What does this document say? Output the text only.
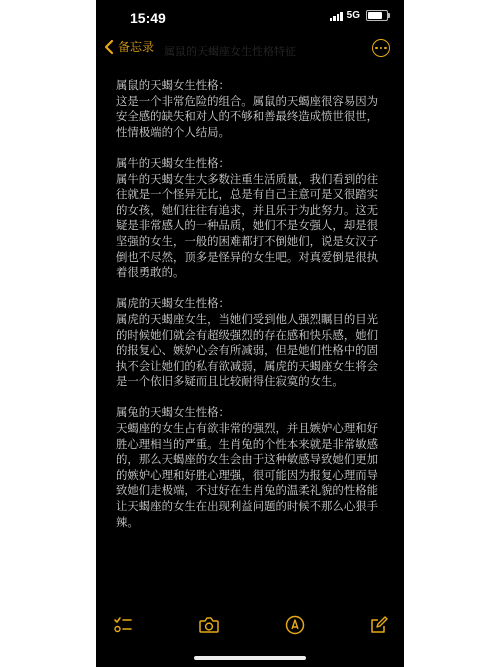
15:49	5G
备忘录 属鼠的天蝎座女生性格特征

属鼠的天蝎女生性格：

这是一个非常危险的组合。属鼠的天蝎座很容易因为安全感的缺失和对人的不够和善最终造成愤世很世，性情极端的个人结局。

属牛的天蝎女生性格：

属牛的天蝎女生大多数注重生活质量，我们看到的往往就是一个怪异无比，总是有自己主意可是又很踏实的女孩，她们往往有追求，并且乐于为此努力。这无疑是非常感人的一种品质，她们不是女强人，却是很坚强的女生，一般的困难都打不倒她们，说是女汉子倒也不尽然，顶多是怪异的女生吧。对真爱倒是很执着很勇敢的。

属虎的天蝎女生性格：

属虎的天蝎座女生，当她们受到他人强烈瞩目的目光的时候她们就会有超级强烈的存在感和快乐感，她们的报复心、嫉妒心会有所减弱，但是她们性格中的固执不会让她们的私有欲减弱，属虎的天蝎座女生将会是一个依旧多疑而且比较耐得住寂寞的女生。

属兔的天蝎女生性格：

天蝎座的女生占有欲非常的强烈，并且嫉妒心理和好胜心理相当的严重。生肖兔的个性本来就是非常敏感的，那么天蝎座的女生会由于这种敏感导致她们更加的嫉妒心理和好胜心理强，很可能因为报复心理而导致她们走极端，不过好在生肖兔的温柔礼貌的性格能让天蝎座的女生在出现利益问题的时候不那么心狠手辣。
